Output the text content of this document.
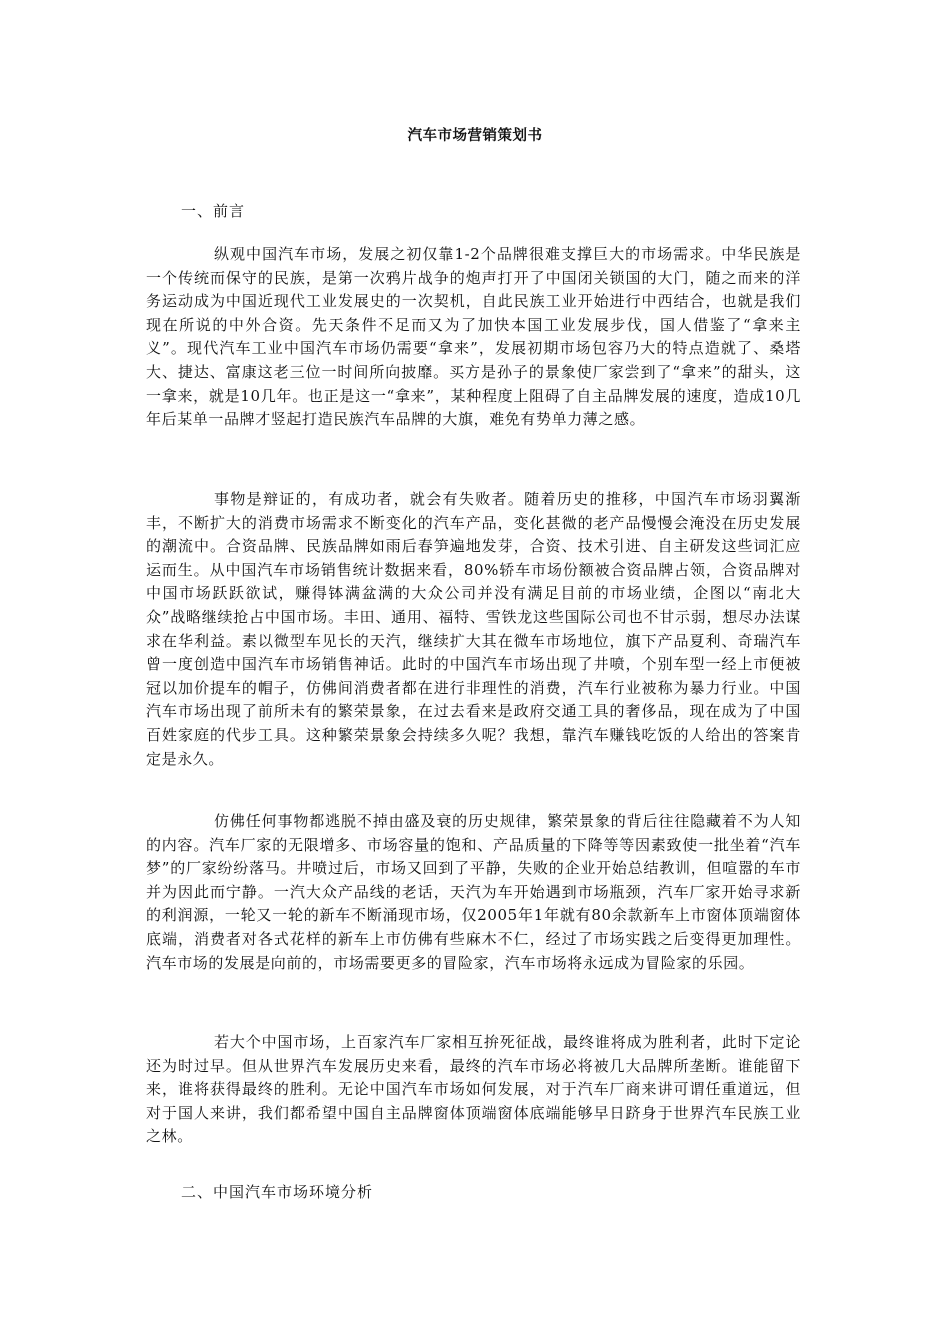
汽车市场营销策划书
一、前言

纵观中国汽车市场，发展之初仅靠1-2个品牌很难支撑巨大的市场需求。中华民族是一个传统而保守的民族，是第一次鸦片战争的炮声打开了中国闭关锁国的大门，随之而来的洋务运动成为中国近现代工业发展史的一次契机，自此民族工业开始进行中西结合，也就是我们现在所说的中外合资。先天条件不足而又为了加快本国工业发展步伐，国人借鉴了“拿来主义”。现代汽车工业中国汽车市场仍需要“拿来”，发展初期市场包容乃大的特点造就了、桑塔大、捷达、富康这老三位一时间所向披靡。买方是孙子的景象使厂家尝到了“拿来”的甜头，这一拿来，就是10几年。也正是这一“拿来”，某种程度上阻碍了自主品牌发展的速度，造成10几年后某单一品牌才竖起打造民族汽车品牌的大旗，难免有势单力薄之感。

事物是辩证的，有成功者，就会有失败者。随着历史的推移，中国汽车市场羽翼渐丰，不断扩大的消费市场需求不断变化的汽车产品，变化甚微的老产品慢慢会淹没在历史发展的潮流中。合资品牌、民族品牌如雨后春笋遍地发芽，合资、技术引进、自主研发这些词汇应运而生。从中国汽车市场销售统计数据来看，80%轿车市场份额被合资品牌占领，合资品牌对中国市场跃跃欲试，赚得钵满盆满的大众公司并没有满足目前的市场业绩，企图以“南北大众”战略继续抢占中国市场。丰田、通用、福特、雪铁龙这些国际公司也不甘示弱，想尽办法谋求在华利益。素以微型车见长的天汽，继续扩大其在微车市场地位，旗下产品夏利、奇瑞汽车曾一度创造中国汽车市场销售神话。此时的中国汽车市场出现了井喷，个别车型一经上市便被冠以加价提车的帽子，仿佛间消费者都在进行非理性的消费，汽车行业被称为暴力行业。中国汽车市场出现了前所未有的繁荣景象，在过去看来是政府交通工具的奢侈品，现在成为了中国百姓家庭的代步工具。这种繁荣景象会持续多久呢？我想，靠汽车赚钱吃饭的人给出的答案肯定是永久。

仿佛任何事物都逃脱不掉由盛及衰的历史规律，繁荣景象的背后往往隐藏着不为人知的内容。汽车厂家的无限增多、市场容量的饱和、产品质量的下降等等因素致使一批坐着“汽车梦”的厂家纷纷落马。井喷过后，市场又回到了平静，失败的企业开始总结教训，但喧嚣的车市并为因此而宁静。一汽大众产品线的老话，天汽为车开始遇到市场瓶颈，汽车厂家开始寻求新的利润源，一轮又一轮的新车不断涌现市场，仅2005年1年就有80余款新车上市窗体顶端窗体底端，消费者对各式花样的新车上市仿佛有些麻木不仁，经过了市场实践之后变得更加理性。汽车市场的发展是向前的，市场需要更多的冒险家，汽车市场将永远成为冒险家的乐园。

若大个中国市场，上百家汽车厂家相互拚死征战，最终谁将成为胜利者，此时下定论还为时过早。但从世界汽车发展历史来看，最终的汽车市场必将被几大品牌所垄断。谁能留下来，谁将获得最终的胜利。无论中国汽车市场如何发展，对于汽车厂商来讲可谓任重道远，但对于国人来讲，我们都希望中国自主品牌窗体顶端窗体底端能够早日跻身于世界汽车民族工业之林。

二、中国汽车市场环境分析
